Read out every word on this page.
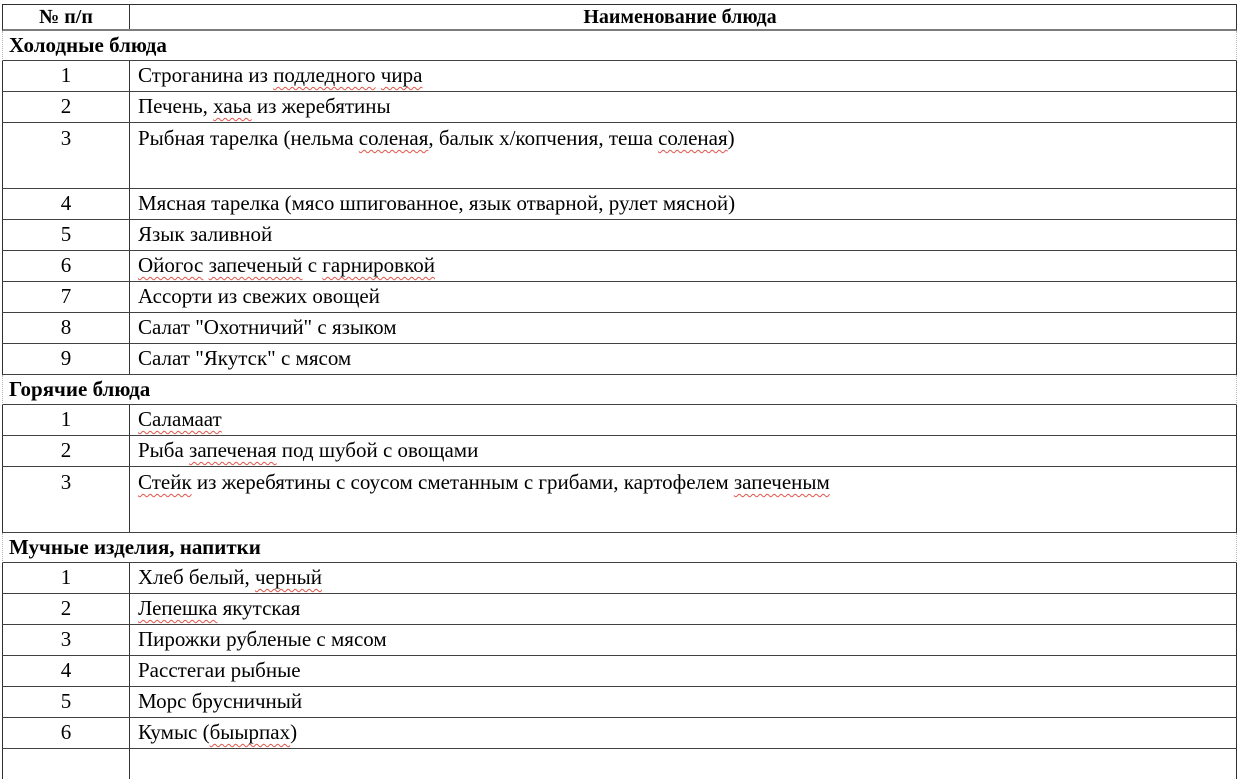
№ п/п	Наименование блюда
Холодные блюда
1	Строганина из подледного чира
2	Печень, хаьа из жеребятины
3	Рыбная тарелка (нельма соленая, балык х/копчения, теша соленая)

4	Мясная тарелка (мясо шпигованное, язык отварной, рулет мясной)
5	Язык заливной
6	Ойогос запеченый с гарнировкой
7	Ассорти из свежих овощей
8	Салат "Охотничий" с языком
9	Салат "Якутск" с мясом
Горячие блюда
1	Саламаат
2	Рыба запеченая под шубой с овощами
3	Стейк из жеребятины с соусом сметанным с грибами, картофелем запеченым

Мучные изделия, напитки
1	Хлеб белый, черный
2	Лепешка якутская
3	Пирожки рубленые с мясом
4	Расстегаи рыбные
5	Морс брусничный
6	Кумыс (быырпах)
